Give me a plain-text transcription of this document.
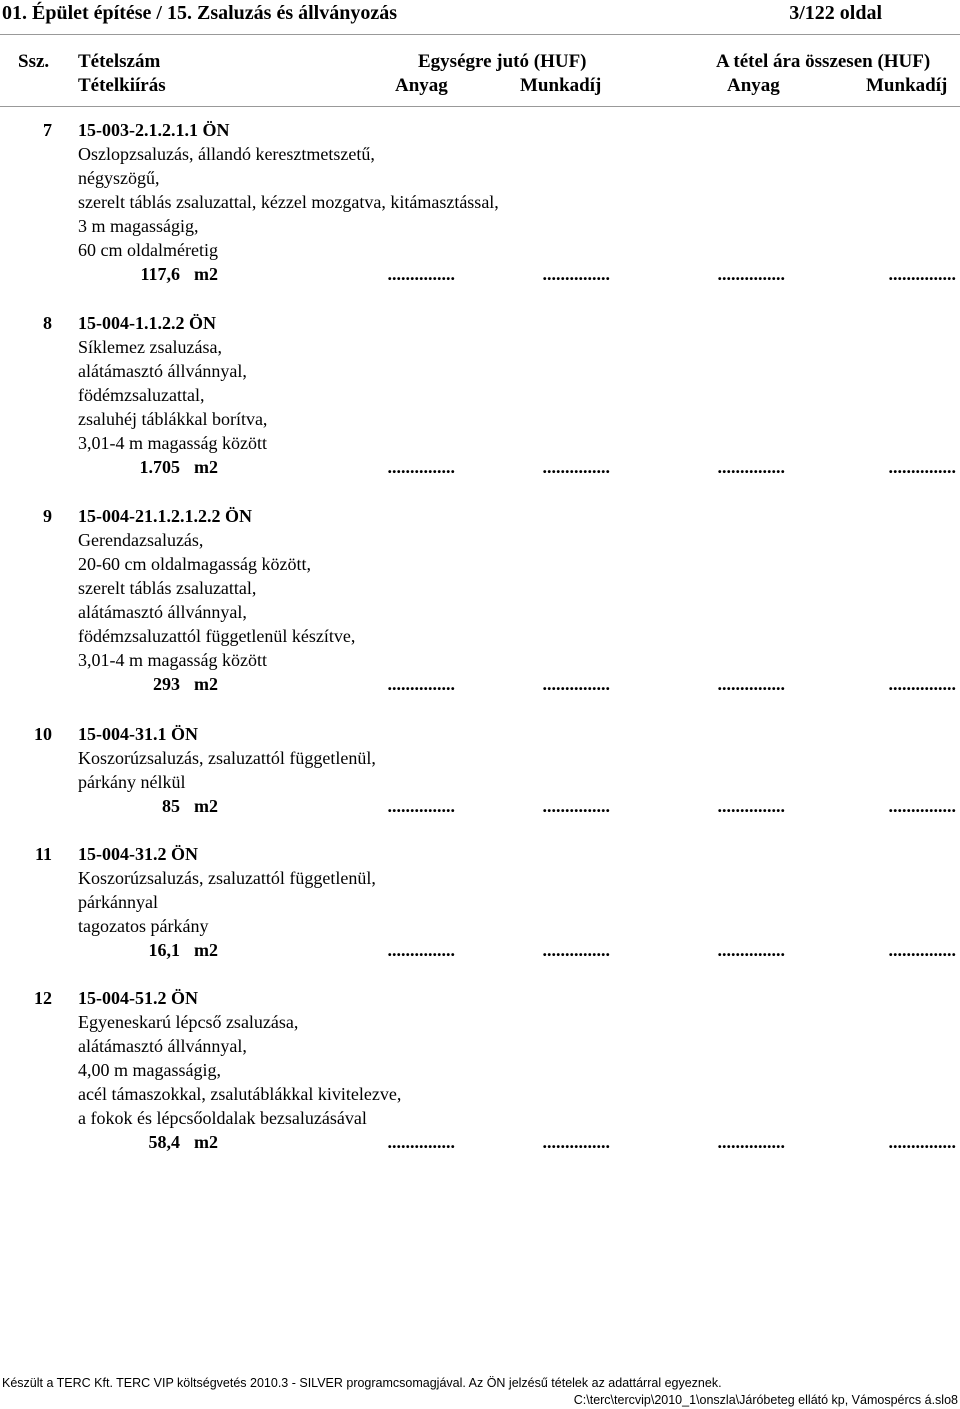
01. Épület építése / 15. Zsaluzás és állványozás	3/122 oldal
Ssz. Tételszám
Tételkiírás
Egységre jutó (HUF)
Anyag	Munkadíj
A tétel ára összesen (HUF)
Anyag	Munkadíj
7 15-003-2.1.2.1.1 ÖN
Oszlopzsaluzás, állandó keresztmetszetű,
négyszögű,
szerelt táblás zsaluzattal, kézzel mozgatva, kitámasztással,
3 m magasságig,
60 cm oldalméretig
117,6 m2	...............	...............	...............	...............
8 15-004-1.1.2.2 ÖN
Síklemez zsaluzása,
alátámasztó állvánnyal,
födémzsaluzattal,
zsaluhéj táblákkal borítva,
3,01-4 m magasság között
1.705 m2	...............	...............	...............	...............
9 15-004-21.1.2.1.2.2 ÖN
Gerendazsaluzás,
20-60 cm oldalmagasság között,
szerelt táblás zsaluzattal,
alátámasztó állvánnyal,
födémzsaluzattól függetlenül készítve,
3,01-4 m magasság között
293 m2	...............	...............	...............	...............
10 15-004-31.1 ÖN
Koszorúzsaluzás, zsaluzattól függetlenül,
párkány nélkül
85 m2	...............	...............	...............	...............
11 15-004-31.2 ÖN
Koszorúzsaluzás, zsaluzattól függetlenül,
párkánnyal
tagozatos párkány
16,1 m2	...............	...............	...............	...............
12 15-004-51.2 ÖN
Egyeneskarú lépcső zsaluzása,
alátámasztó állvánnyal,
4,00 m magasságig,
acél támaszokkal, zsalutáblákkal kivitelezve,
a fokok és lépcsőoldalak bezsaluzásával
58,4 m2	...............	...............	...............	...............
Készült a TERC Kft. TERC VIP költségvetés 2010.3 - SILVER programcsomagjával. Az ÖN jelzésű tételek az adattárral egyeznek.
C:\terc\tercvip\2010_1\onszla\Járóbeteg ellátó kp, Vámospércs á.slo8
